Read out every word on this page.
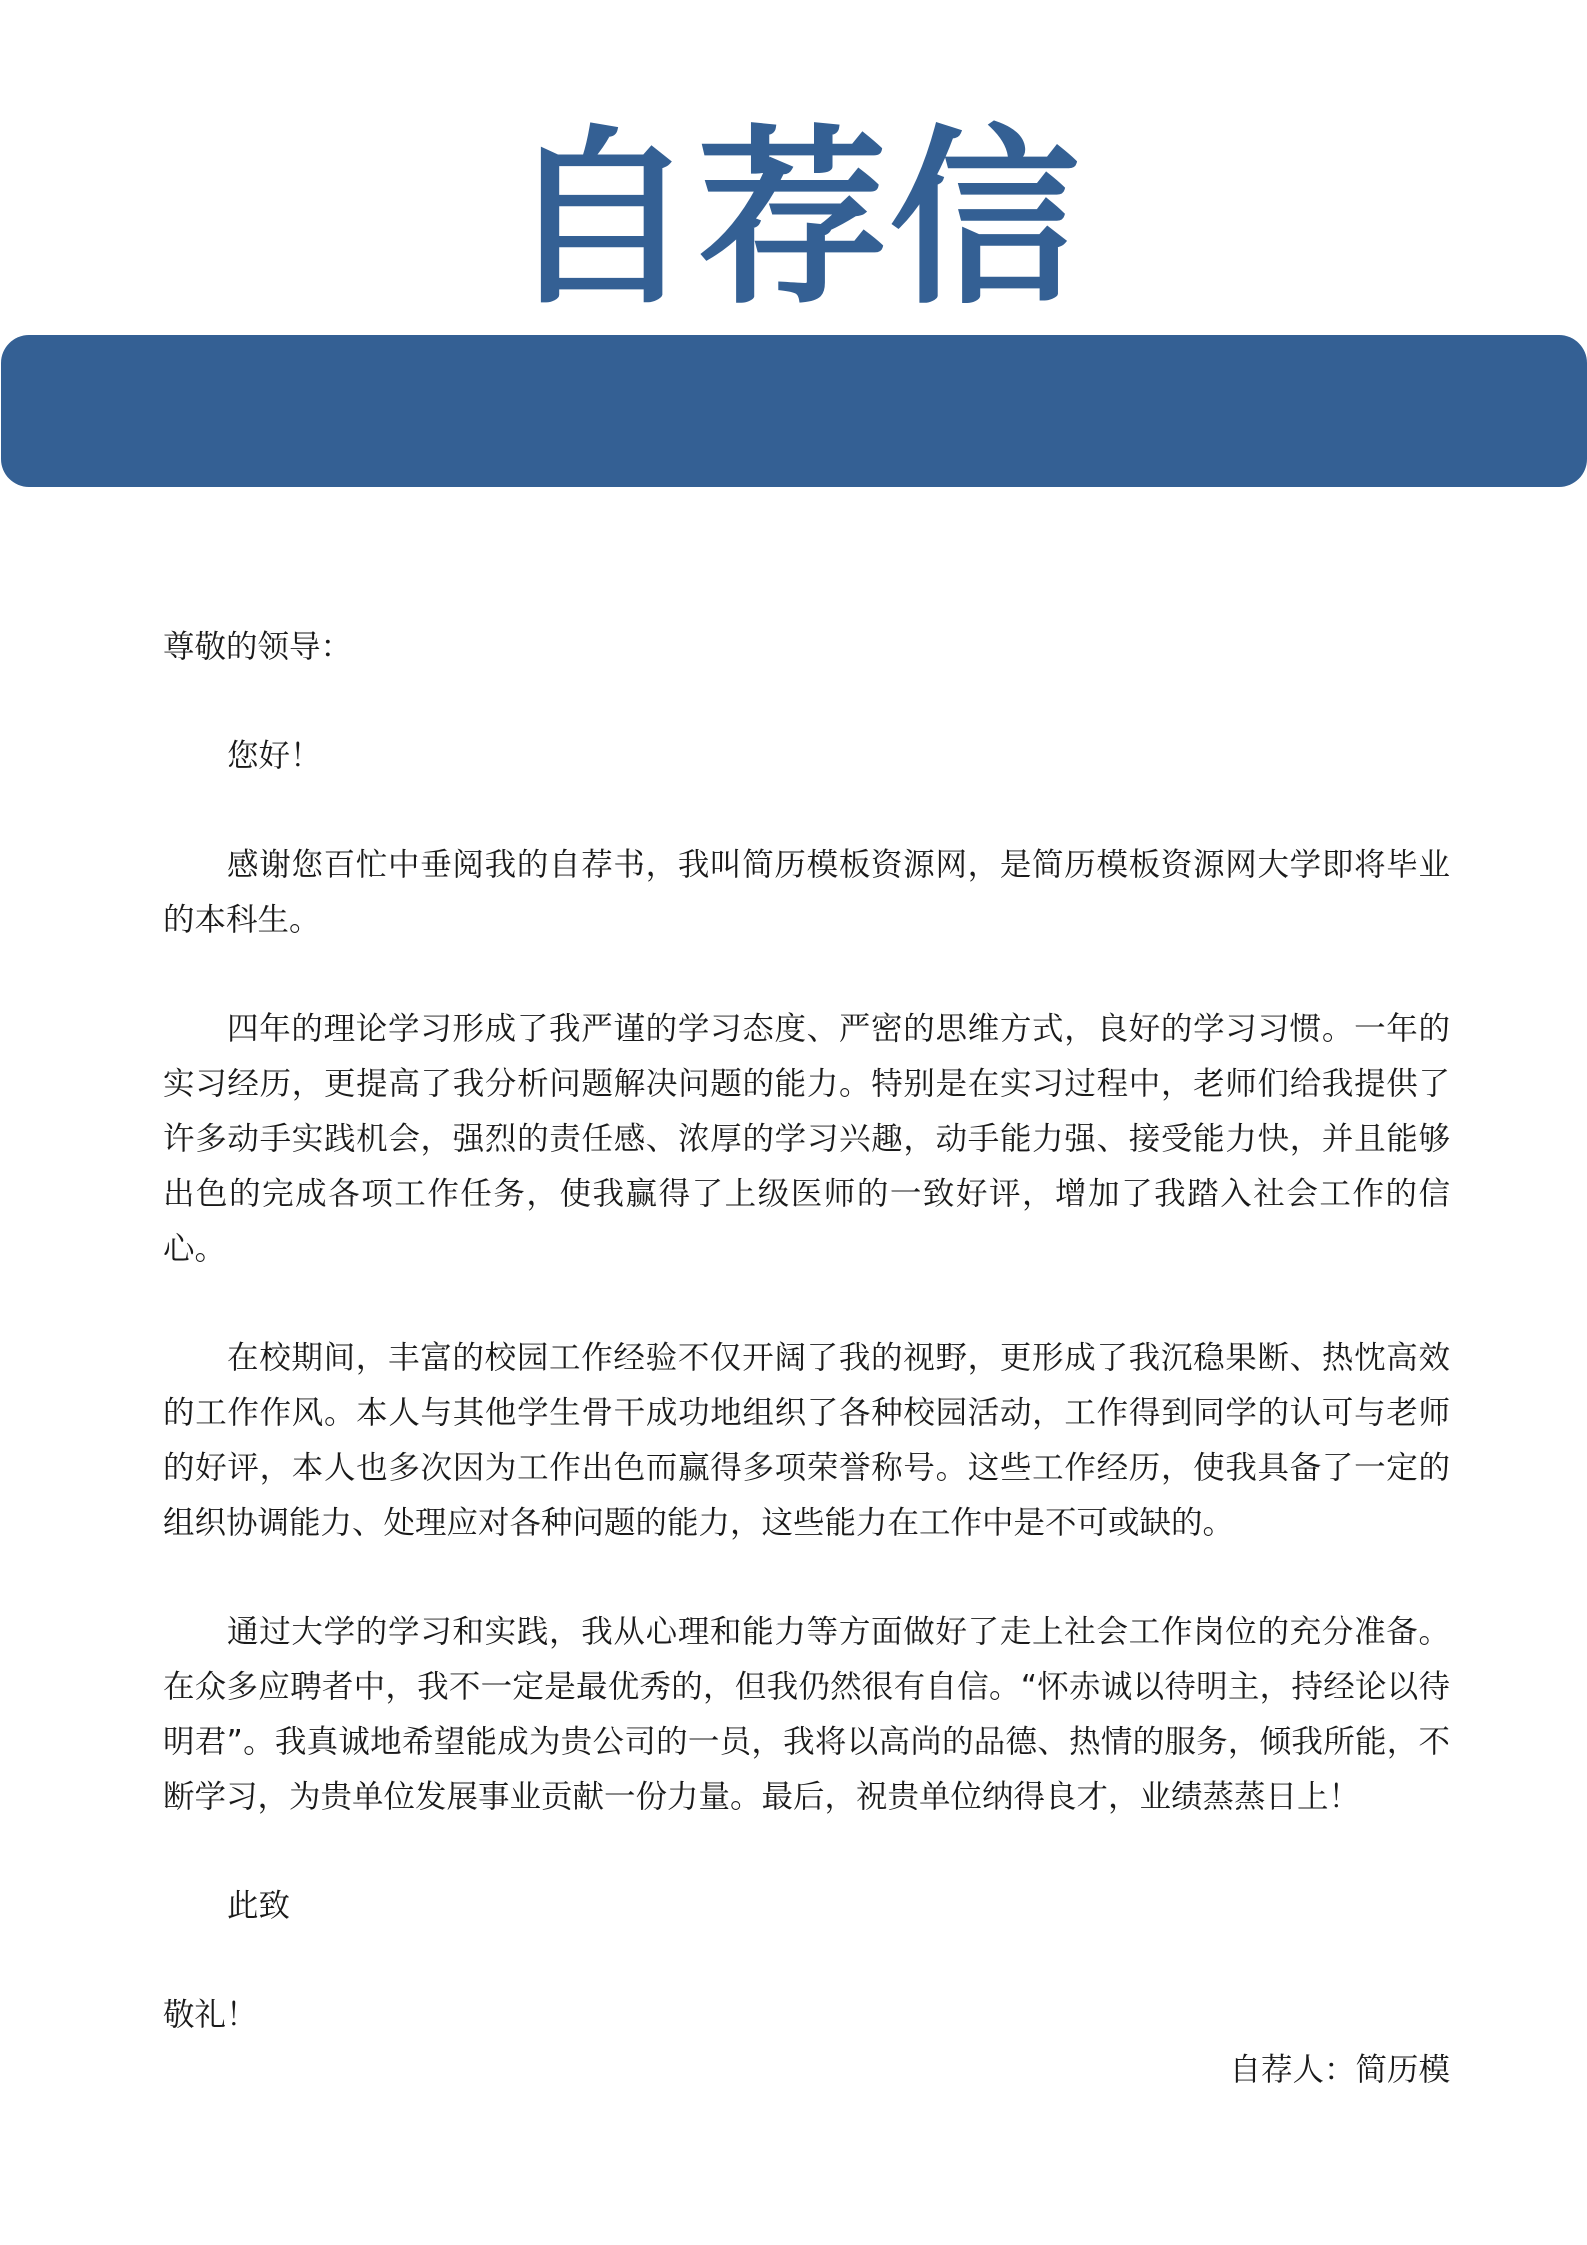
自荐信

尊敬的领导：

您好！

感谢您百忙中垂阅我的自荐书，我叫简历模板资源网，是简历模板资源网大学即将毕业的本科生。

四年的理论学习形成了我严谨的学习态度、严密的思维方式，良好的学习习惯。一年的实习经历，更提高了我分析问题解决问题的能力。特别是在实习过程中，老师们给我提供了许多动手实践机会，强烈的责任感、浓厚的学习兴趣，动手能力强、接受能力快，并且能够出色的完成各项工作任务，使我赢得了上级医师的一致好评，增加了我踏入社会工作的信心。

在校期间，丰富的校园工作经验不仅开阔了我的视野，更形成了我沉稳果断、热忱高效的工作作风。本人与其他学生骨干成功地组织了各种校园活动，工作得到同学的认可与老师的好评，本人也多次因为工作出色而赢得多项荣誉称号。这些工作经历，使我具备了一定的组织协调能力、处理应对各种问题的能力，这些能力在工作中是不可或缺的。

通过大学的学习和实践，我从心理和能力等方面做好了走上社会工作岗位的充分准备。在众多应聘者中，我不一定是最优秀的，但我仍然很有自信。“怀赤诚以待明主，持经论以待明君”。我真诚地希望能成为贵公司的一员，我将以高尚的品德、热情的服务，倾我所能，不断学习，为贵单位发展事业贡献一份力量。最后，祝贵单位纳得良才，业绩蒸蒸日上！

此致

敬礼！

自荐人：简历模
